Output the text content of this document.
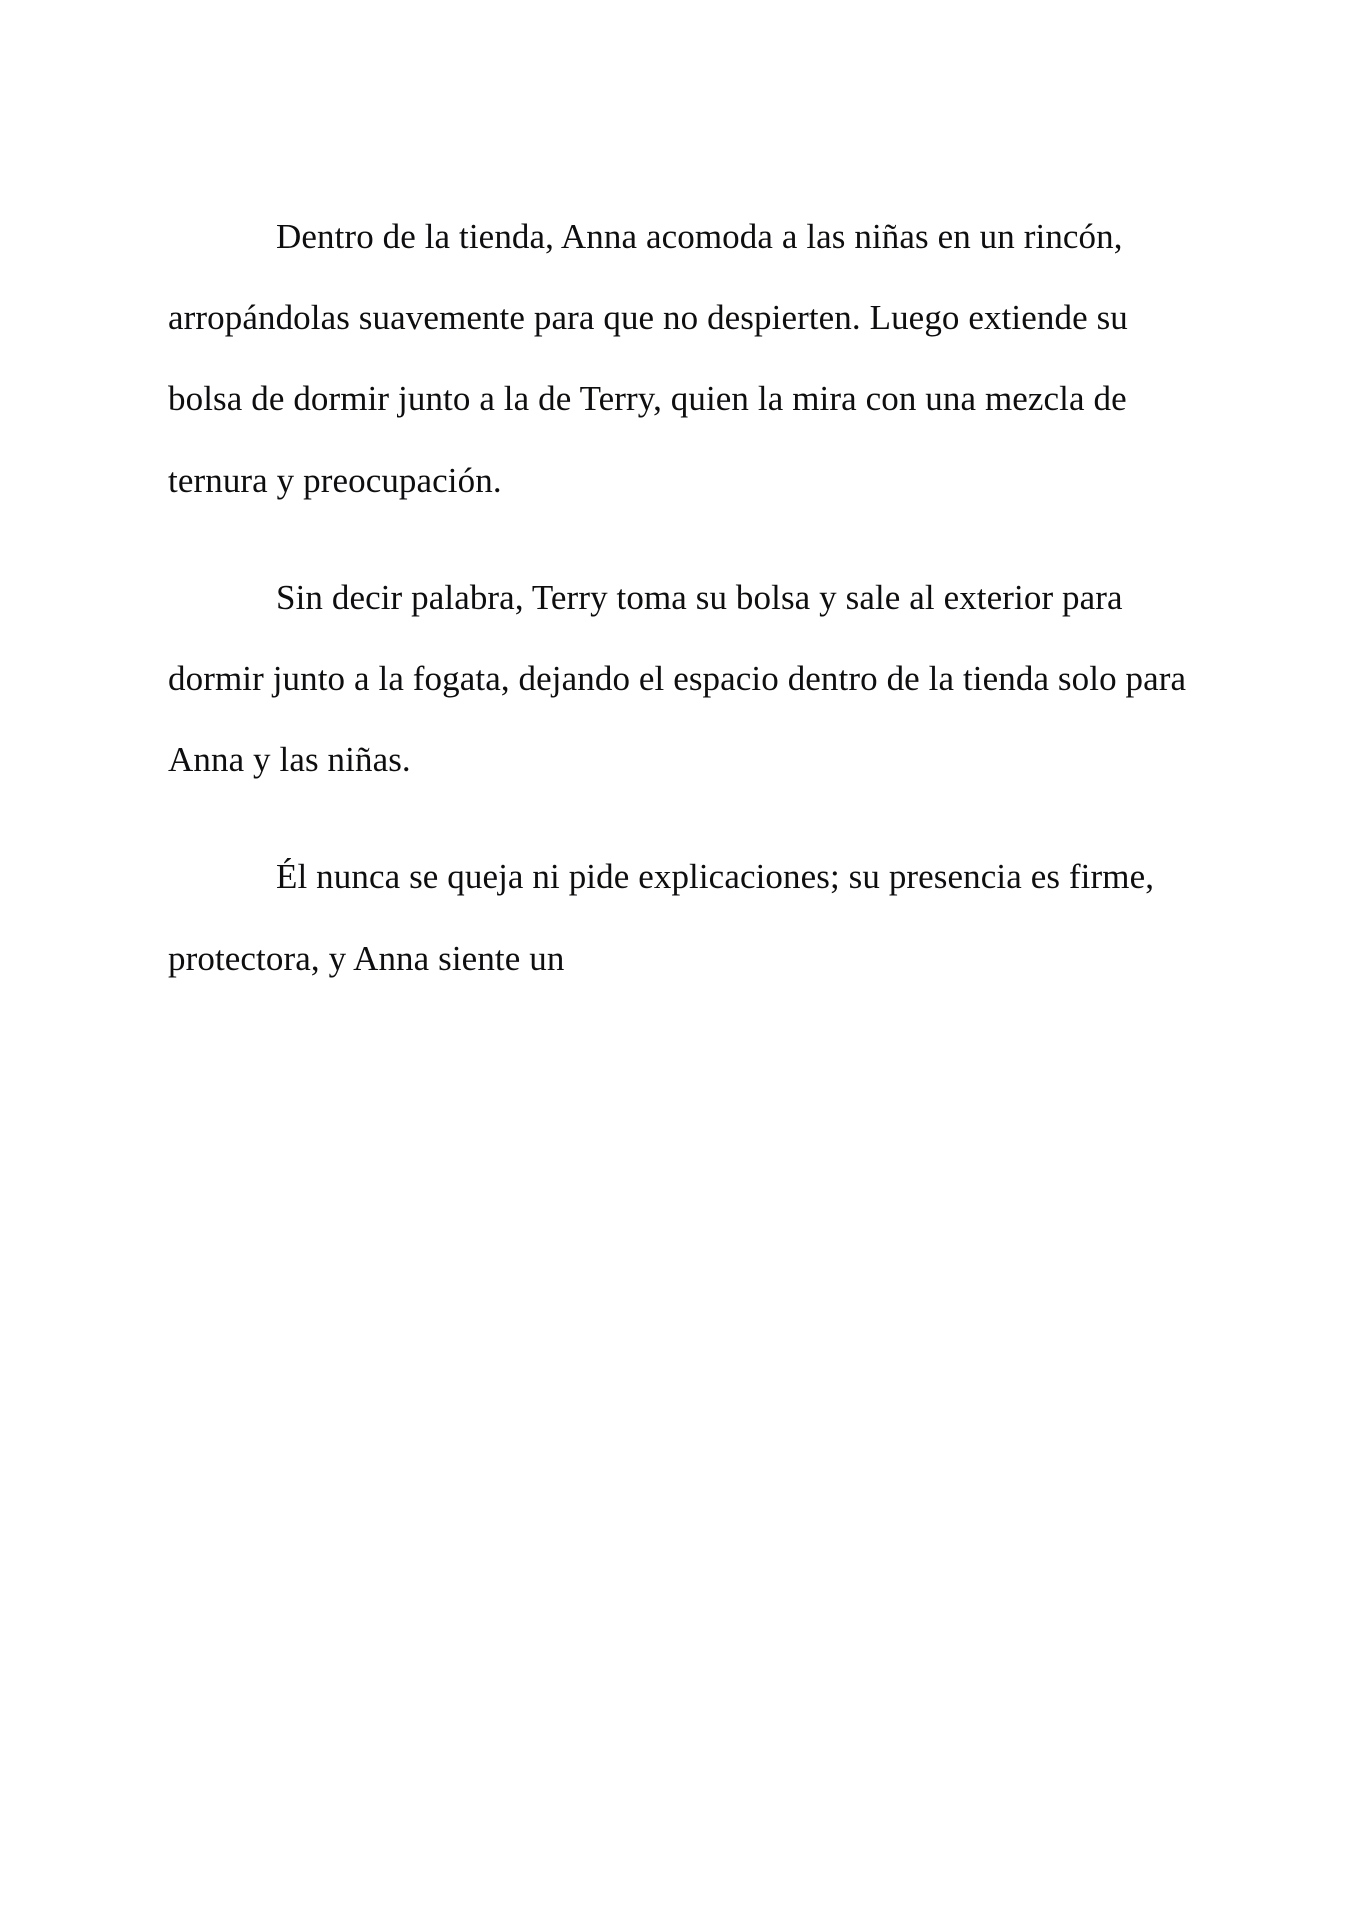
Dentro de la tienda, Anna acomoda a las niñas en un rincón, arropándolas suavemente para que no despierten. Luego extiende su bolsa de dormir junto a la de Terry, quien la mira con una mezcla de ternura y preocupación.

Sin decir palabra, Terry toma su bolsa y sale al exterior para dormir junto a la fogata, dejando el espacio dentro de la tienda solo para Anna y las niñas.

Él nunca se queja ni pide explicaciones; su presencia es firme, protectora, y Anna siente un
